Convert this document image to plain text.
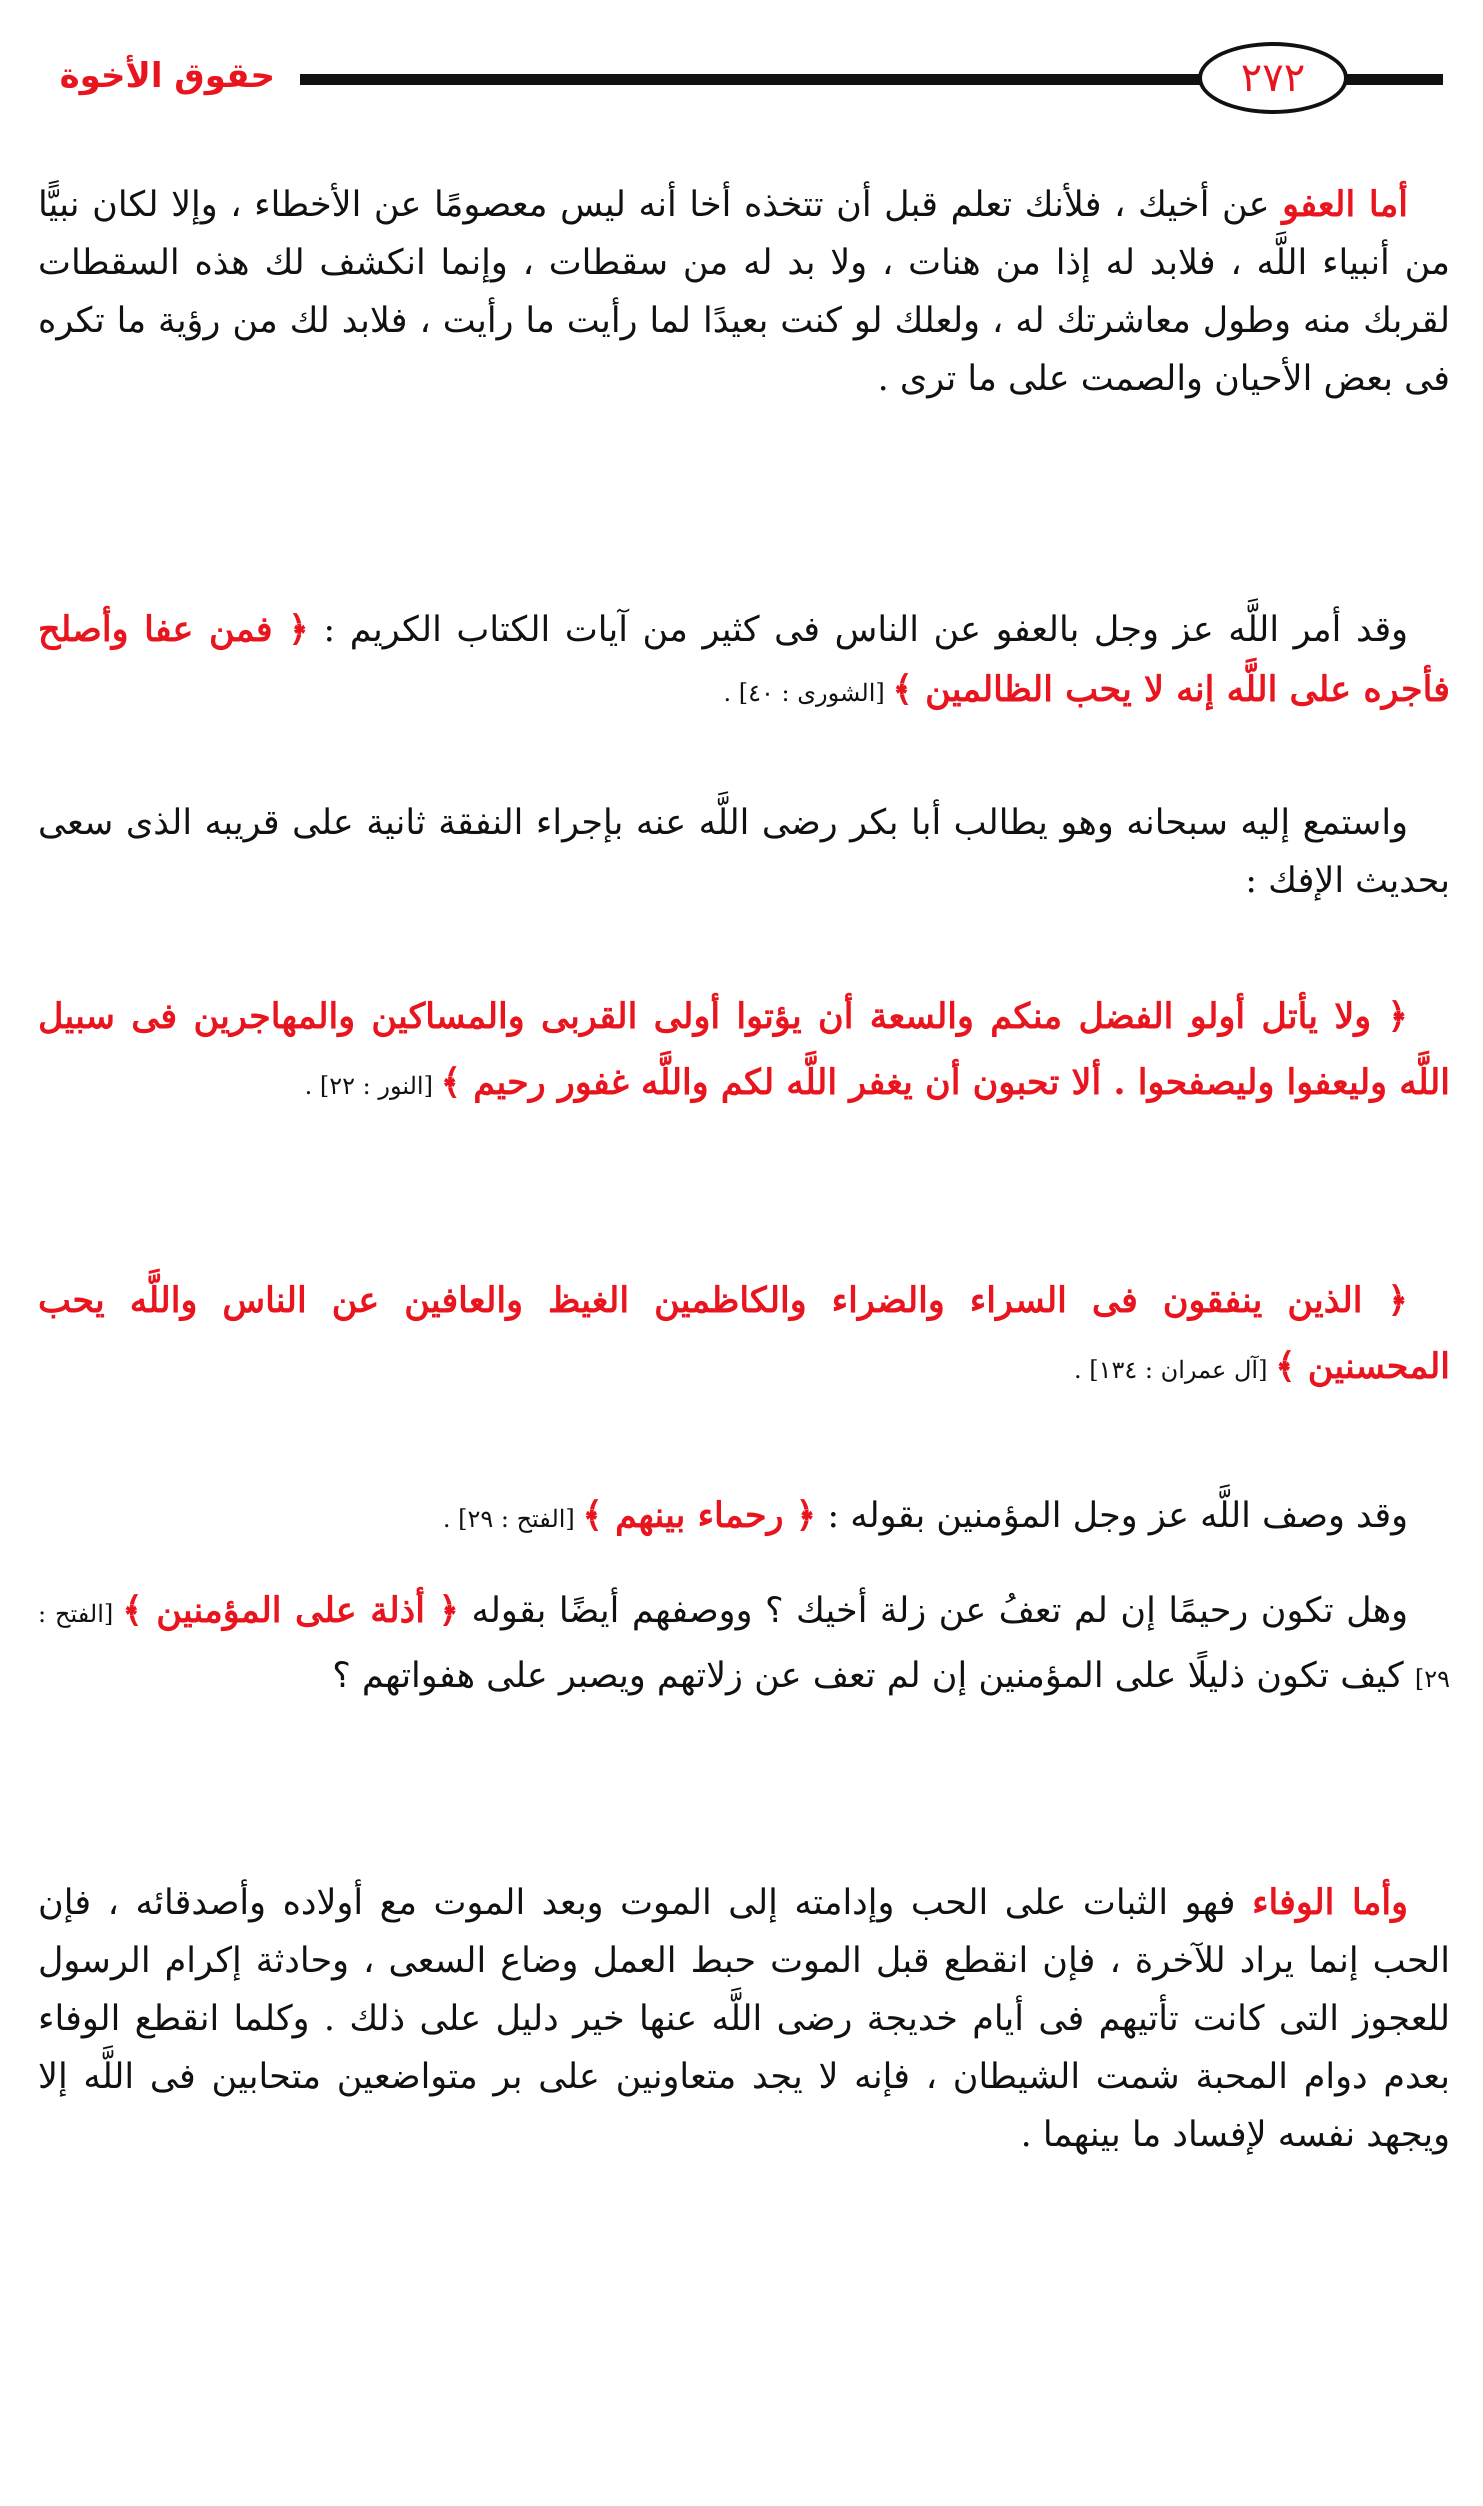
٢٧٢
حقوق الأخوة
أما العفو عن أخيك ، فلأنك تعلم قبل أن تتخذه أخا أنه ليس معصومًا عن الأخطاء ، وإلا لكان نبيًّا من أنبياء اللَّه ، فلابد له إذا من هنات ، ولا بد له من سقطات ، وإنما انكشف لك هذه السقطات لقربك منه وطول معاشرتك له ، ولعلك لو كنت بعيدًا لما رأيت ما رأيت ، فلابد لك من رؤية ما تكره فى بعض الأحيان والصمت على ما ترى .
وقد أمر اللَّه عز وجل بالعفو عن الناس فى كثير من آيات الكتاب الكريم : ﴿ فمن عفا وأصلح فأجره على اللَّه إنه لا يحب الظالمين ﴾ [الشورى : ٤٠] .
واستمع إليه سبحانه وهو يطالب أبا بكر رضى اللَّه عنه بإجراء النفقة ثانية على قريبه الذى سعى بحديث الإفك :
﴿ ولا يأتل أولو الفضل منكم والسعة أن يؤتوا أولى القربى والمساكين والمهاجرين فى سبيل اللَّه وليعفوا وليصفحوا . ألا تحبون أن يغفر اللَّه لكم واللَّه غفور رحيم ﴾ [النور : ٢٢] .
﴿ الذين ينفقون فى السراء والضراء والكاظمين الغيظ والعافين عن الناس واللَّه يحب المحسنين ﴾ [آل عمران : ١٣٤] .
وقد وصف اللَّه عز وجل المؤمنين بقوله : ﴿ رحماء بينهم ﴾ [الفتح : ٢٩] .
وهل تكون رحيمًا إن لم تعفُ عن زلة أخيك ؟ ووصفهم أيضًا بقوله ﴿ أذلة على المؤمنين ﴾ [الفتح : ٢٩] كيف تكون ذليلًا على المؤمنين إن لم تعف عن زلاتهم ويصبر على هفواتهم ؟
وأما الوفاء فهو الثبات على الحب وإدامته إلى الموت وبعد الموت مع أولاده وأصدقائه ، فإن الحب إنما يراد للآخرة ، فإن انقطع قبل الموت حبط العمل وضاع السعى ، وحادثة إكرام الرسول للعجوز التى كانت تأتيهم فى أيام خديجة رضى اللَّه عنها خير دليل على ذلك . وكلما انقطع الوفاء بعدم دوام المحبة شمت الشيطان ، فإنه لا يجد متعاونين على بر متواضعين متحابين فى اللَّه إلا ويجهد نفسه لإفساد ما بينهما .
